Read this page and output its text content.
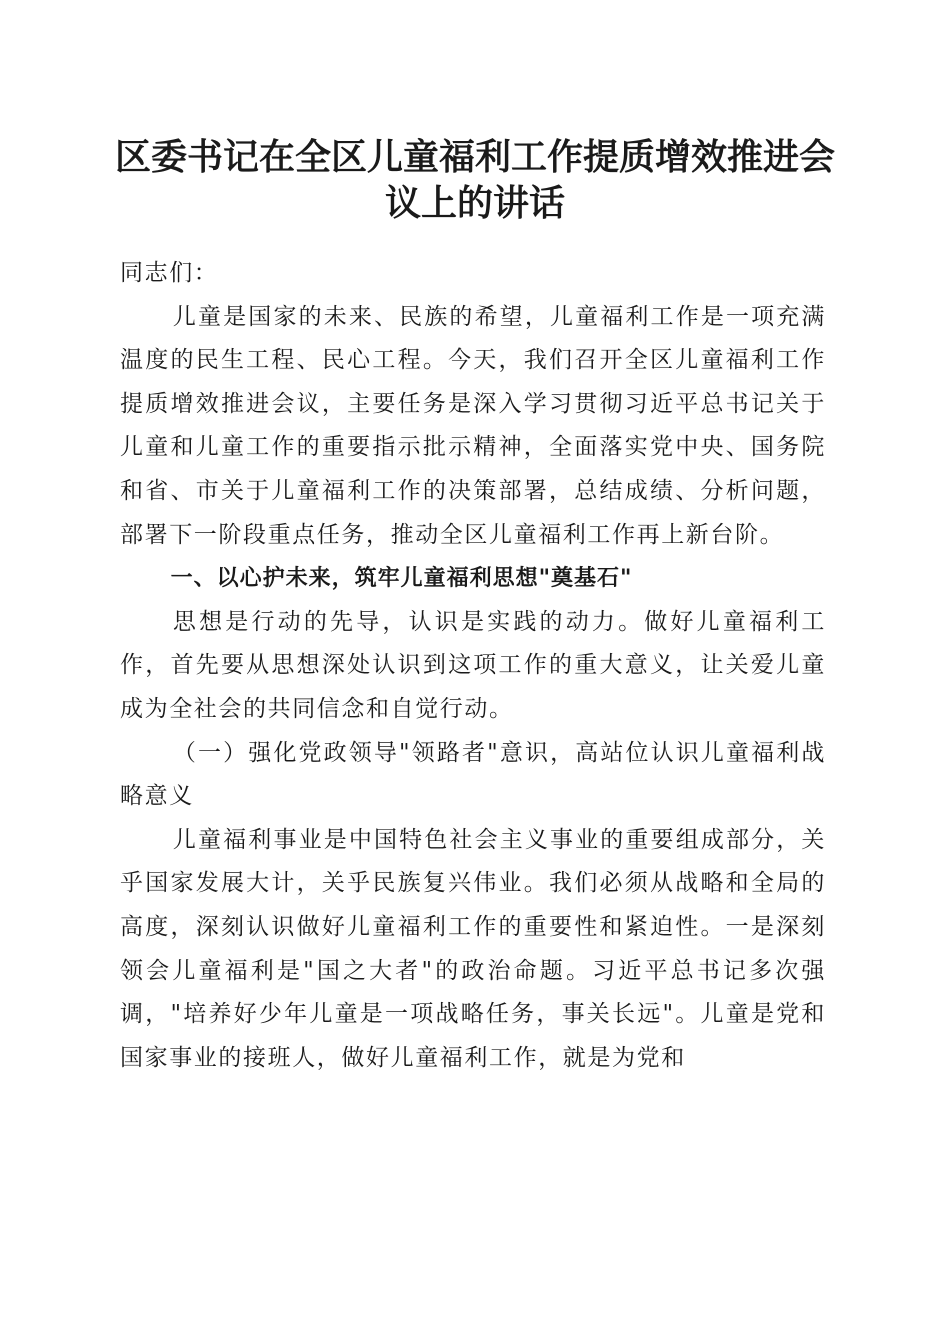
区委书记在全区儿童福利工作提质增效推进会议上的讲话

同志们：

儿童是国家的未来、民族的希望，儿童福利工作是一项充满温度的民生工程、民心工程。今天，我们召开全区儿童福利工作提质增效推进会议，主要任务是深入学习贯彻习近平总书记关于儿童和儿童工作的重要指示批示精神，全面落实党中央、国务院和省、市关于儿童福利工作的决策部署，总结成绩、分析问题，部署下一阶段重点任务，推动全区儿童福利工作再上新台阶。

一、以心护未来，筑牢儿童福利思想"奠基石"

思想是行动的先导，认识是实践的动力。做好儿童福利工作，首先要从思想深处认识到这项工作的重大意义，让关爱儿童成为全社会的共同信念和自觉行动。

（一）强化党政领导"领路者"意识，高站位认识儿童福利战略意义

儿童福利事业是中国特色社会主义事业的重要组成部分，关乎国家发展大计，关乎民族复兴伟业。我们必须从战略和全局的高度，深刻认识做好儿童福利工作的重要性和紧迫性。一是深刻领会儿童福利是"国之大者"的政治命题。习近平总书记多次强调，"培养好少年儿童是一项战略任务，事关长远"。儿童是党和国家事业的接班人，做好儿童福利工作，就是为党和
